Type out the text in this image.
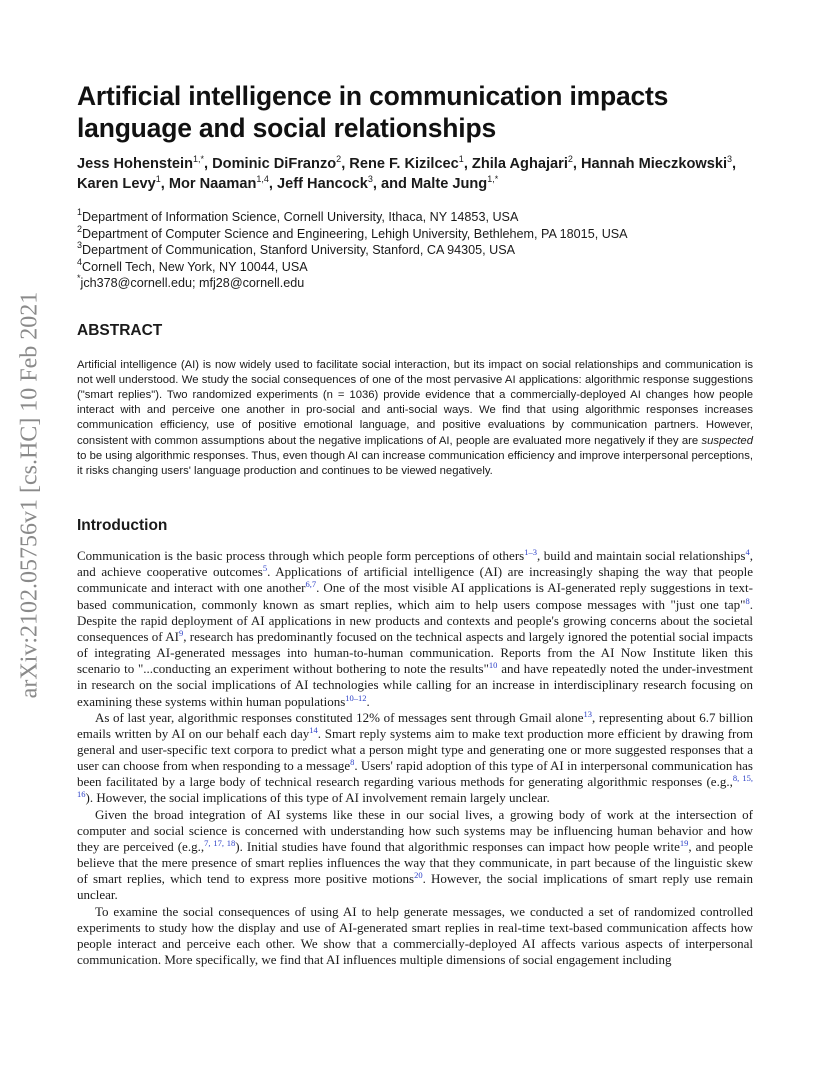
arXiv:2102.05756v1 [cs.HC] 10 Feb 2021
Artificial intelligence in communication impacts language and social relationships
Jess Hohenstein$^{1,*}$, Dominic DiFranzo$^2$, Rene F. Kizilcec$^1$, Zhila Aghajari$^2$, Hannah Mieczkowski$^3$, Karen Levy$^1$, Mor Naaman$^{1,4}$, Jeff Hancock$^3$, and Malte Jung$^{1,*}$
$^1$Department of Information Science, Cornell University, Ithaca, NY 14853, USA
$^2$Department of Computer Science and Engineering, Lehigh University, Bethlehem, PA 18015, USA
$^3$Department of Communication, Stanford University, Stanford, CA 94305, USA
$^4$Cornell Tech, New York, NY 10044, USA
*jch378@cornell.edu; mfj28@cornell.edu
ABSTRACT

Artificial intelligence (AI) is now widely used to facilitate social interaction, but its impact on social relationships and communication is not well understood. We study the social consequences of one of the most pervasive AI applications: algorithmic response suggestions ("smart replies"). Two randomized experiments (n = 1036) provide evidence that a commercially-deployed AI changes how people interact with and perceive one another in pro-social and anti-social ways. We find that using algorithmic responses increases communication efficiency, use of positive emotional language, and positive evaluations by communication partners. However, consistent with common assumptions about the negative implications of AI, people are evaluated more negatively if they are suspected to be using algorithmic responses. Thus, even though AI can increase communication efficiency and improve interpersonal perceptions, it risks changing users' language production and continues to be viewed negatively.

Introduction

Communication is the basic process through which people form perceptions of others$^{1-3}$, build and maintain social relationships$^4$, and achieve cooperative outcomes$^5$. Applications of artificial intelligence (AI) are increasingly shaping the way that people communicate and interact with one another$^{6,7}$. One of the most visible AI applications is AI-generated reply suggestions in text-based communication, commonly known as smart replies, which aim to help users compose messages with "just one tap"$^8$. Despite the rapid deployment of AI applications in new products and contexts and people's growing concerns about the societal consequences of AI$^9$, research has predominantly focused on the technical aspects and largely ignored the potential social impacts of integrating AI-generated messages into human-to-human communication. Reports from the AI Now Institute liken this scenario to "...conducting an experiment without bothering to note the results"$^{10}$ and have repeatedly noted the under-investment in research on the social implications of AI technologies while calling for an increase in interdisciplinary research focusing on examining these systems within human populations$^{10-12}$.

As of last year, algorithmic responses constituted 12% of messages sent through Gmail alone$^{13}$, representing about 6.7 billion emails written by AI on our behalf each day$^{14}$. Smart reply systems aim to make text production more efficient by drawing from general and user-specific text corpora to predict what a person might type and generating one or more suggested responses that a user can choose from when responding to a message$^8$. Users' rapid adoption of this type of AI in interpersonal communication has been facilitated by a large body of technical research regarding various methods for generating algorithmic responses (e.g.,$^{8, 15, 16}$). However, the social implications of this type of AI involvement remain largely unclear.

Given the broad integration of AI systems like these in our social lives, a growing body of work at the intersection of computer and social science is concerned with understanding how such systems may be influencing human behavior and how they are perceived (e.g.,$^{7, 17, 18}$). Initial studies have found that algorithmic responses can impact how people write$^{19}$, and people believe that the mere presence of smart replies influences the way that they communicate, in part because of the linguistic skew of smart replies, which tend to express more positive motions$^{20}$. However, the social implications of smart reply use remain unclear.

To examine the social consequences of using AI to help generate messages, we conducted a set of randomized controlled experiments to study how the display and use of AI-generated smart replies in real-time text-based communication affects how people interact and perceive each other. We show that a commercially-deployed AI affects various aspects of interpersonal communication. More specifically, we find that AI influences multiple dimensions of social engagement including
